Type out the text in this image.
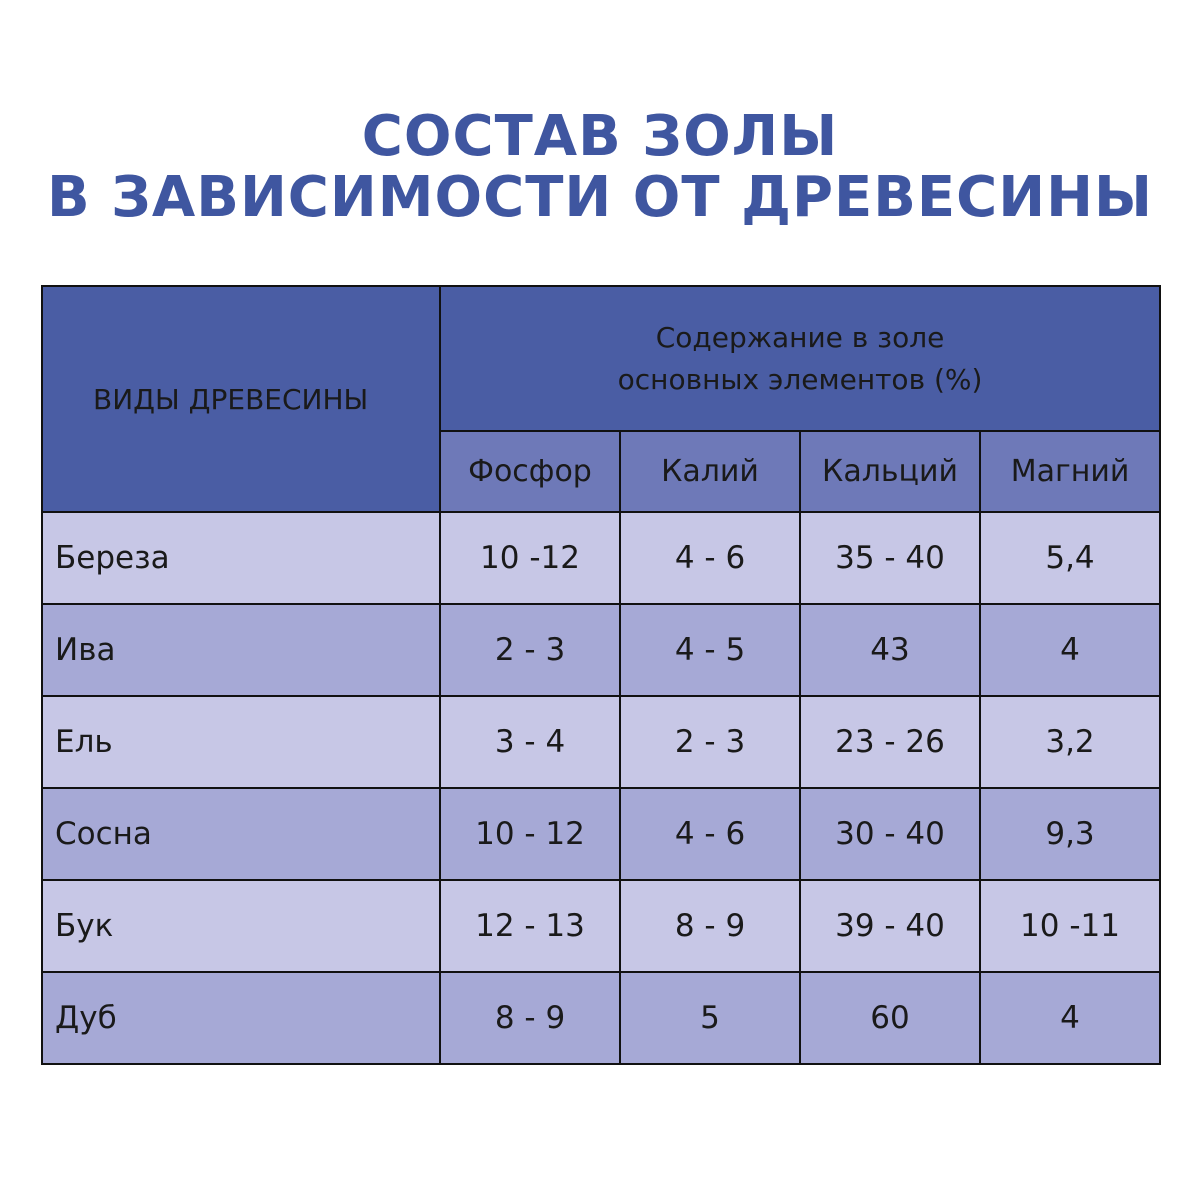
СОСТАВ ЗОЛЫ
В ЗАВИСИМОСТИ ОТ ДРЕВЕСИНЫ
ВИДЫ ДРЕВЕСИНЫ	Содержание в золе
основных элементов (%)			

	Фосфор	Калий	Кальций	Магний
Береза	10 -12	4 - 6	35 - 40	5,4
Ива	2 - 3	4 - 5	43	4
Ель	3 - 4	2 - 3	23 - 26	3,2
Сосна	10 - 12	4 - 6	30 - 40	9,3
Бук	12 - 13	8 - 9	39 - 40	10 -11
Дуб	8 - 9	5	60	4
